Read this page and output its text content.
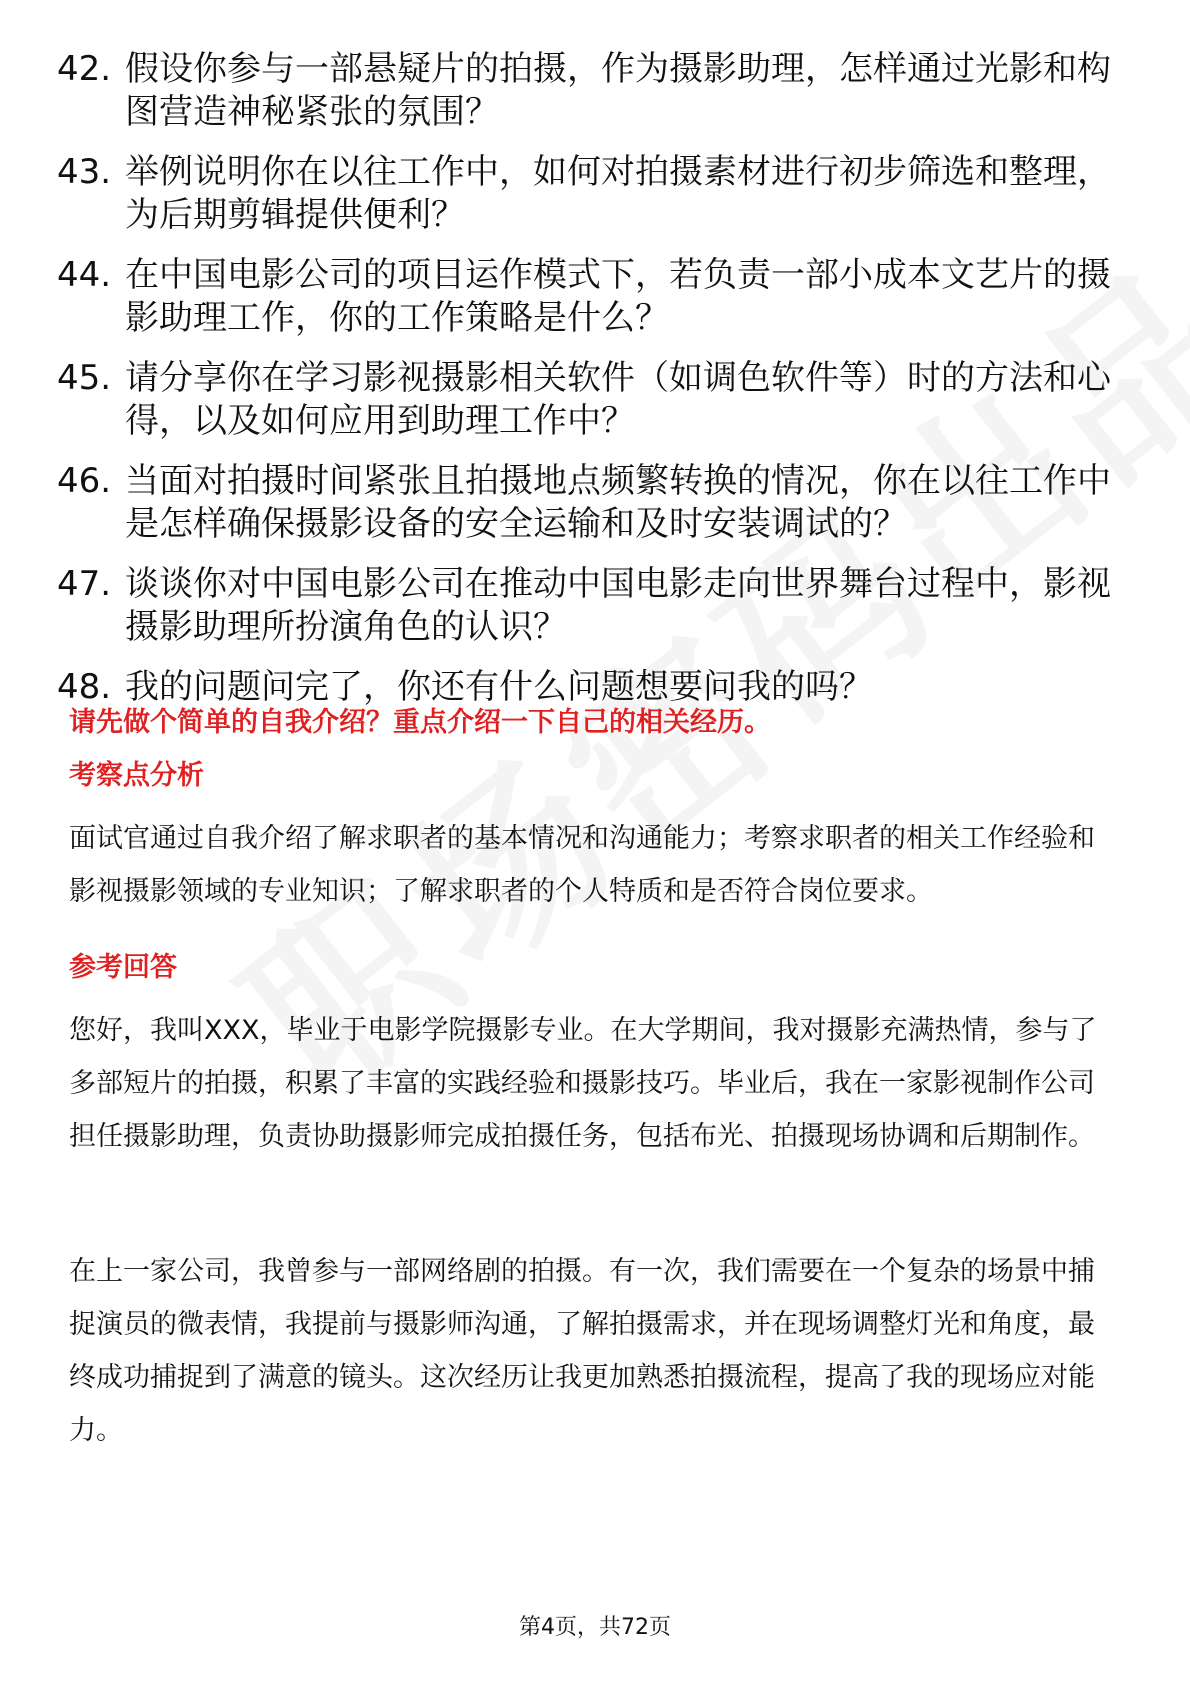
42. 假设你参与一部悬疑片的拍摄，作为摄影助理，怎样通过光影和构图营造神秘紧张的氛围？
43. 举例说明你在以往工作中，如何对拍摄素材进行初步筛选和整理，为后期剪辑提供便利？
44. 在中国电影公司的项目运作模式下，若负责一部小成本文艺片的摄影助理工作，你的工作策略是什么？
45. 请分享你在学习影视摄影相关软件（如调色软件等）时的方法和心得，以及如何应用到助理工作中？
46. 当面对拍摄时间紧张且拍摄地点频繁转换的情况，你在以往工作中是怎样确保摄影设备的安全运输和及时安装调试的？
47. 谈谈你对中国电影公司在推动中国电影走向世界舞台过程中，影视摄影助理所扮演角色的认识？
48. 我的问题问完了，你还有什么问题想要问我的吗？
请先做个简单的自我介绍？重点介绍一下自己的相关经历。
考察点分析
面试官通过自我介绍了解求职者的基本情况和沟通能力；考察求职者的相关工作经验和影视摄影领域的专业知识；了解求职者的个人特质和是否符合岗位要求。
参考回答
您好，我叫XXX，毕业于电影学院摄影专业。在大学期间，我对摄影充满热情，参与了多部短片的拍摄，积累了丰富的实践经验和摄影技巧。毕业后，我在一家影视制作公司担任摄影助理，负责协助摄影师完成拍摄任务，包括布光、拍摄现场协调和后期制作。
在上一家公司，我曾参与一部网络剧的拍摄。有一次，我们需要在一个复杂的场景中捕捉演员的微表情，我提前与摄影师沟通，了解拍摄需求，并在现场调整灯光和角度，最终成功捕捉到了满意的镜头。这次经历让我更加熟悉拍摄流程，提高了我的现场应对能力。
第4页，共72页
